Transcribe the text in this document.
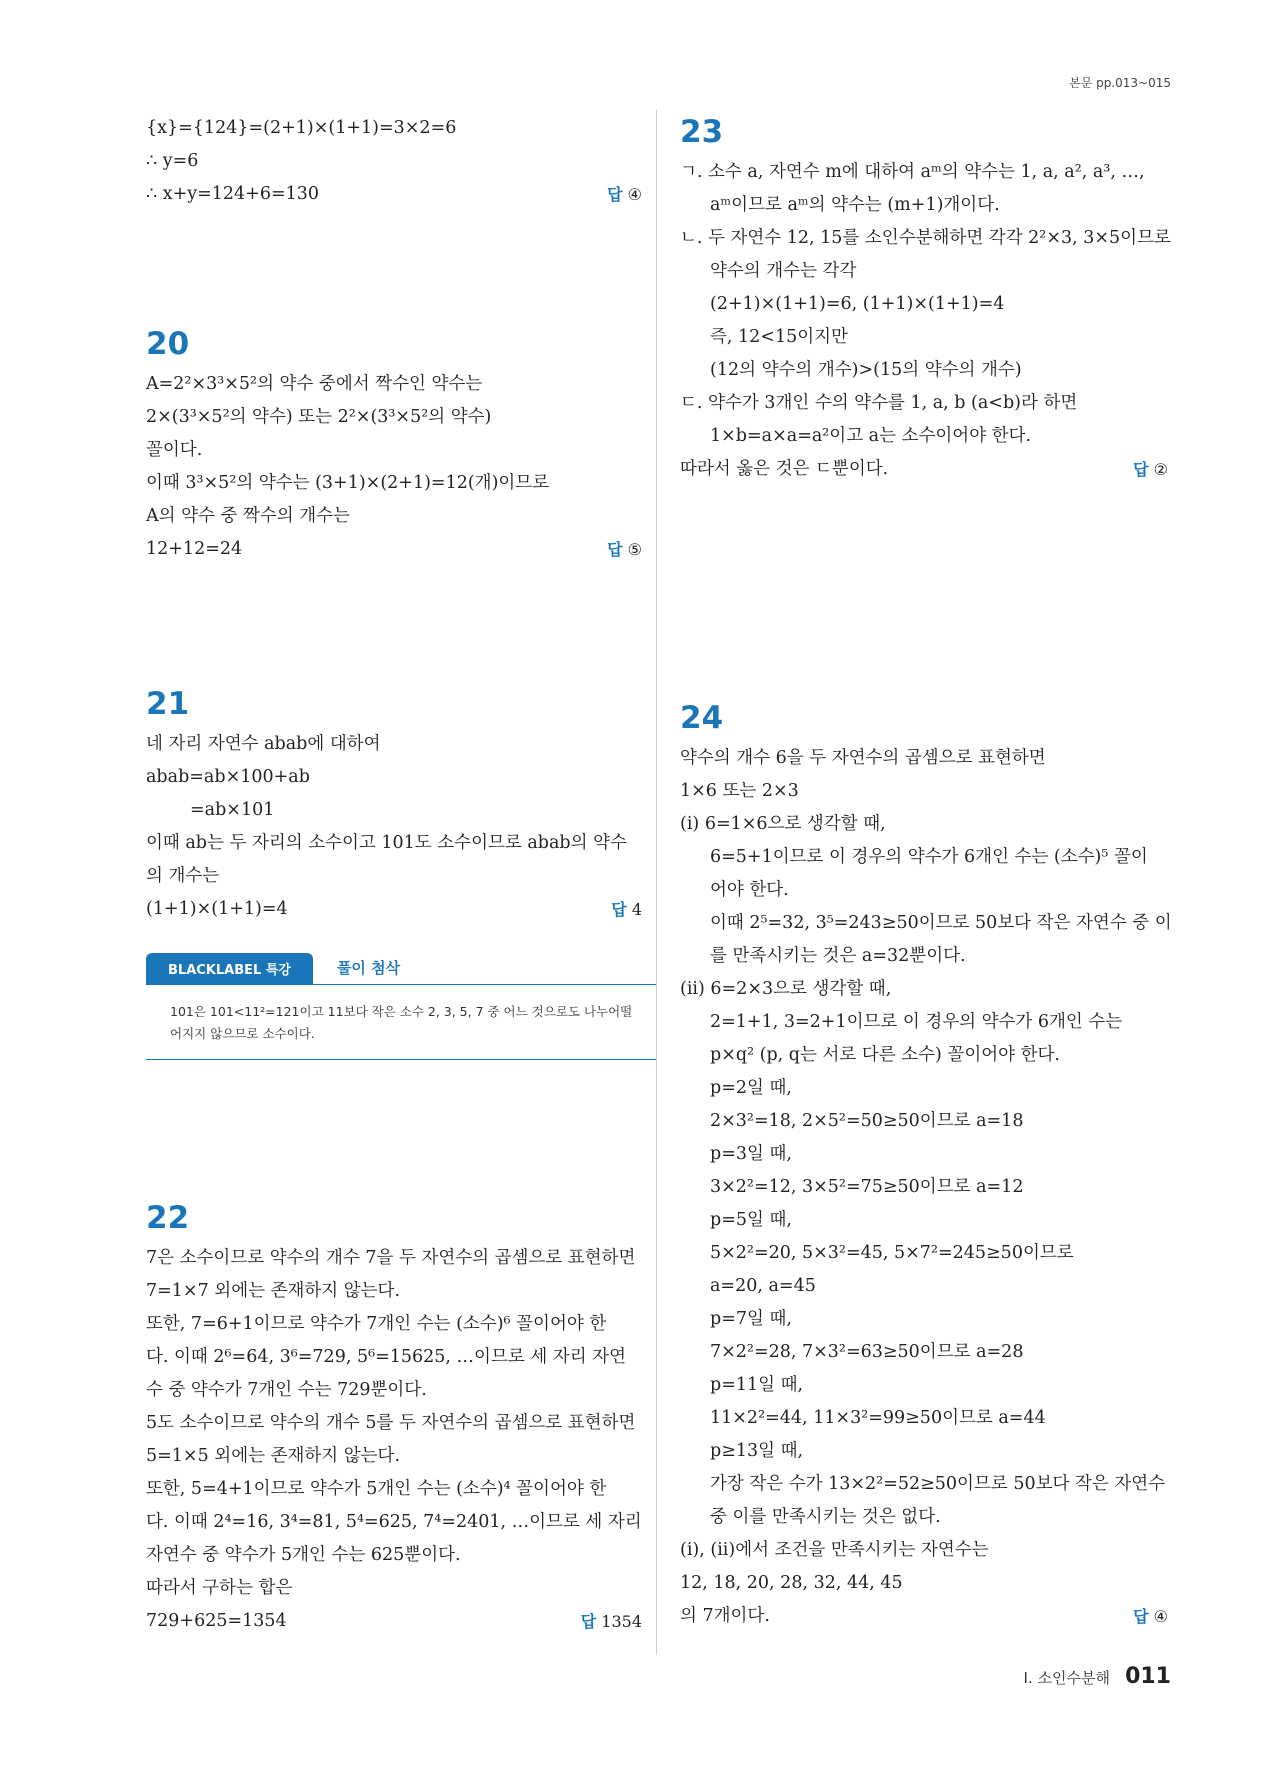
본문 pp.013~015
{x}={124}=(2+1)×(1+1)=3×2=6
∴ y=6
∴ x+y=124+6=130	답 ④
20
A=2²×3³×5²의 약수 중에서 짝수인 약수는
2×(3³×5²의 약수) 또는 2²×(3³×5²의 약수)
꼴이다.
이때 3³×5²의 약수는 (3+1)×(2+1)=12(개)이므로
A의 약수 중 짝수의 개수는
12+12=24	답 ⑤
21
네 자리 자연수 abab에 대하여
abab=ab×100+ab
=ab×101
이때 ab는 두 자리의 소수이고 101도 소수이므로 abab의 약수
의 개수는
(1+1)×(1+1)=4	답 4
22
7은 소수이므로 약수의 개수 7을 두 자연수의 곱셈으로 표현하면
7=1×7 외에는 존재하지 않는다.
또한, 7=6+1이므로 약수가 7개인 수는 (소수)⁶ 꼴이어야 한
다. 이때 2⁶=64, 3⁶=729, 5⁶=15625, …이므로 세 자리 자연
수 중 약수가 7개인 수는 729뿐이다.
5도 소수이므로 약수의 개수 5를 두 자연수의 곱셈으로 표현하면
5=1×5 외에는 존재하지 않는다.
또한, 5=4+1이므로 약수가 5개인 수는 (소수)⁴ 꼴이어야 한
다. 이때 2⁴=16, 3⁴=81, 5⁴=625, 7⁴=2401, …이므로 세 자리
자연수 중 약수가 5개인 수는 625뿐이다.
따라서 구하는 합은
729+625=1354	답 1354
BLACKLABEL 특강	풀이 첨삭
101은 101<11²=121이고 11보다 작은 소수 2, 3, 5, 7 중 어느 것으로도 나누어떨
어지지 않으므로 소수이다.
23
ㄱ. 소수 a, 자연수 m에 대하여 aᵐ의 약수는 1, a, a², a³, …,
aᵐ이므로 aᵐ의 약수는 (m+1)개이다.
ㄴ. 두 자연수 12, 15를 소인수분해하면 각각 2²×3, 3×5이므로
약수의 개수는 각각
(2+1)×(1+1)=6, (1+1)×(1+1)=4
즉, 12<15이지만
(12의 약수의 개수)>(15의 약수의 개수)
ㄷ. 약수가 3개인 수의 약수를 1, a, b (a<b)라 하면
1×b=a×a=a²이고 a는 소수이어야 한다.
따라서 옳은 것은 ㄷ뿐이다.	답 ②
24
약수의 개수 6을 두 자연수의 곱셈으로 표현하면
1×6 또는 2×3
(i) 6=1×6으로 생각할 때,
6=5+1이므로 이 경우의 약수가 6개인 수는 (소수)⁵ 꼴이
어야 한다.
이때 2⁵=32, 3⁵=243≥50이므로 50보다 작은 자연수 중 이
를 만족시키는 것은 a=32뿐이다.
(ii) 6=2×3으로 생각할 때,
2=1+1, 3=2+1이므로 이 경우의 약수가 6개인 수는
p×q² (p, q는 서로 다른 소수) 꼴이어야 한다.
p=2일 때,
2×3²=18, 2×5²=50≥50이므로 a=18
p=3일 때,
3×2²=12, 3×5²=75≥50이므로 a=12
p=5일 때,
5×2²=20, 5×3²=45, 5×7²=245≥50이므로
a=20, a=45
p=7일 때,
7×2²=28, 7×3²=63≥50이므로 a=28
p=11일 때,
11×2²=44, 11×3²=99≥50이므로 a=44
p≥13일 때,
가장 작은 수가 13×2²=52≥50이므로 50보다 작은 자연수
중 이를 만족시키는 것은 없다.
(i), (ii)에서 조건을 만족시키는 자연수는
12, 18, 20, 28, 32, 44, 45
의 7개이다.	답 ④
Ⅰ. 소인수분해 011
